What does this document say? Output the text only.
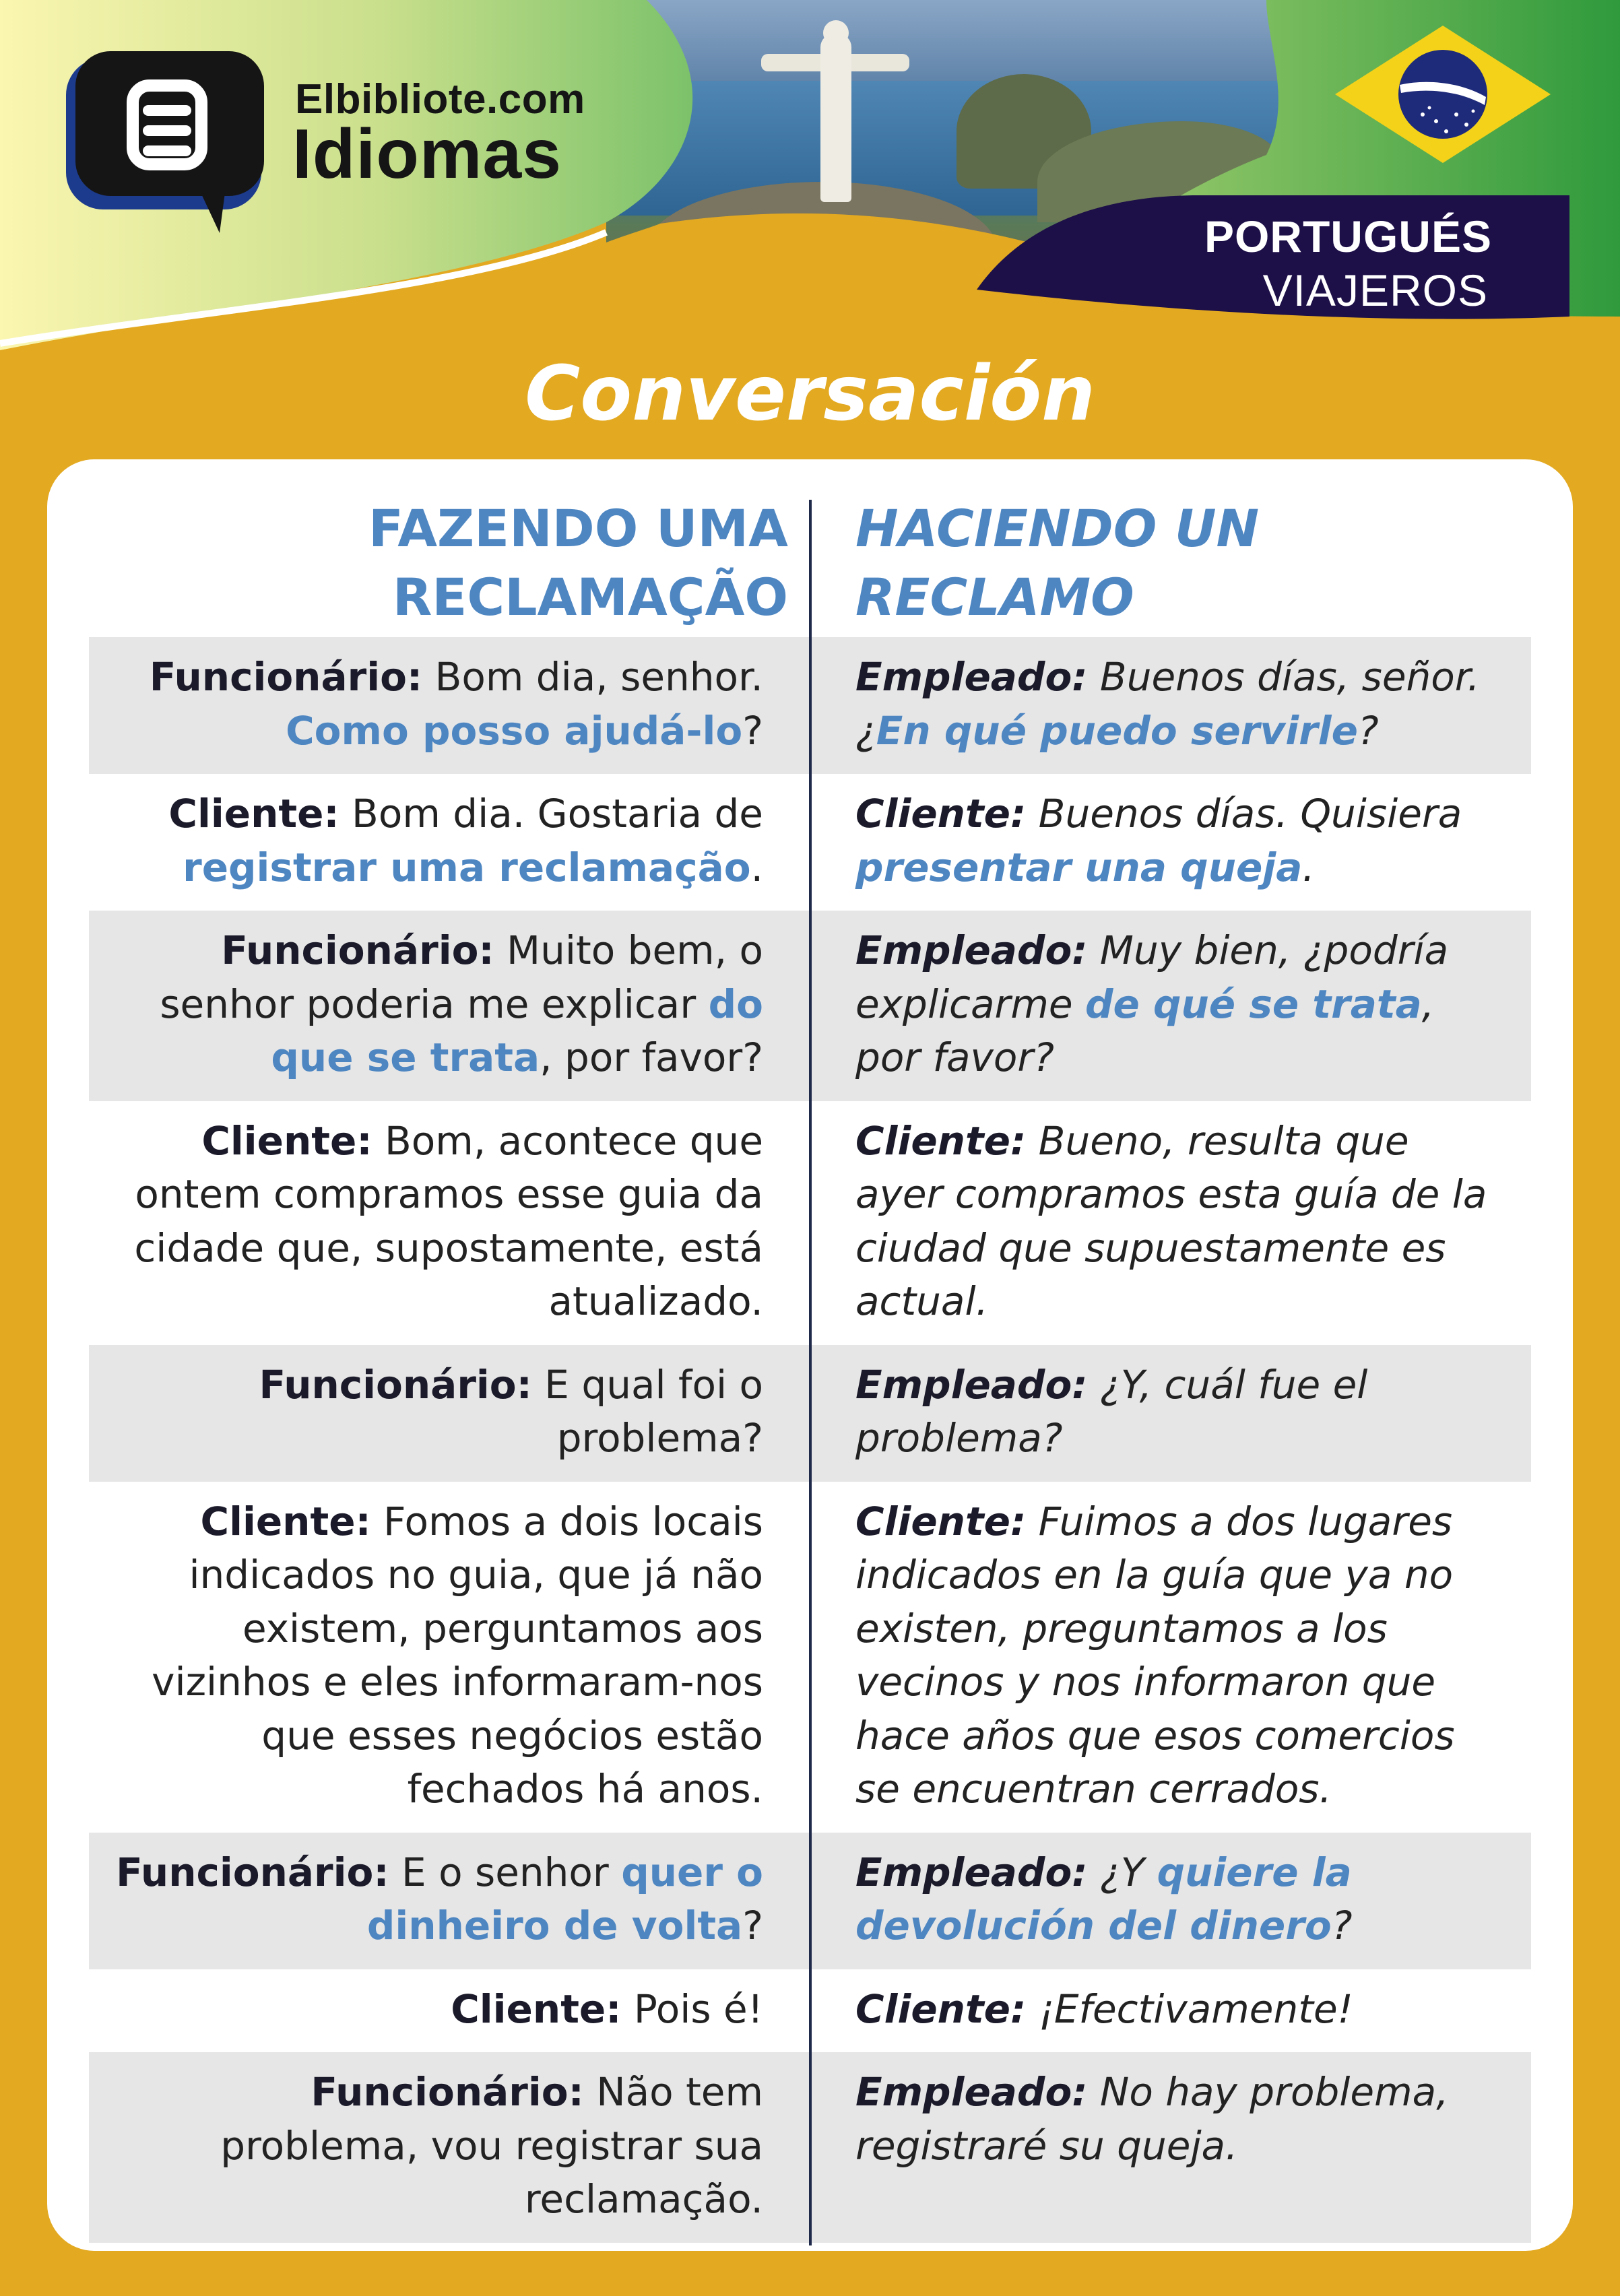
Elbibliote.com
Idiomas
PORTUGUÉS
VIAJEROS
Conversación
FAZENDO UMA
RECLAMAÇÃO
HACIENDO UN
RECLAMO
Funcionário: Bom dia, senhor. Como posso ajudá-lo?
Empleado: Buenos días, señor. ¿En qué puedo servirle?
Cliente: Bom dia. Gostaria de registrar uma reclamação.
Cliente: Buenos días. Quisiera presentar una queja.
Funcionário: Muito bem, o senhor poderia me explicar do que se trata, por favor?
Empleado: Muy bien, ¿podría explicarme de qué se trata, por favor?
Cliente: Bom, acontece que ontem compramos esse guia da cidade que, supostamente, está atualizado.
Cliente: Bueno, resulta que ayer compramos esta guía de la ciudad que supuestamente es actual.
Funcionário: E qual foi o problema?
Empleado: ¿Y, cuál fue el problema?
Cliente: Fomos a dois locais indicados no guia, que já não existem, perguntamos aos vizinhos e eles informaram-nos que esses negócios estão fechados há anos.
Cliente: Fuimos a dos lugares indicados en la guía que ya no existen, preguntamos a los vecinos y nos informaron que hace años que esos comercios se encuentran cerrados.
Funcionário: E o senhor quer o dinheiro de volta?
Empleado: ¿Y quiere la devolución del dinero?
Cliente: Pois é!	Cliente: ¡Efectivamente!
Funcionário: Não tem problema, vou registrar sua reclamação.
Empleado: No hay problema, registraré su queja.
